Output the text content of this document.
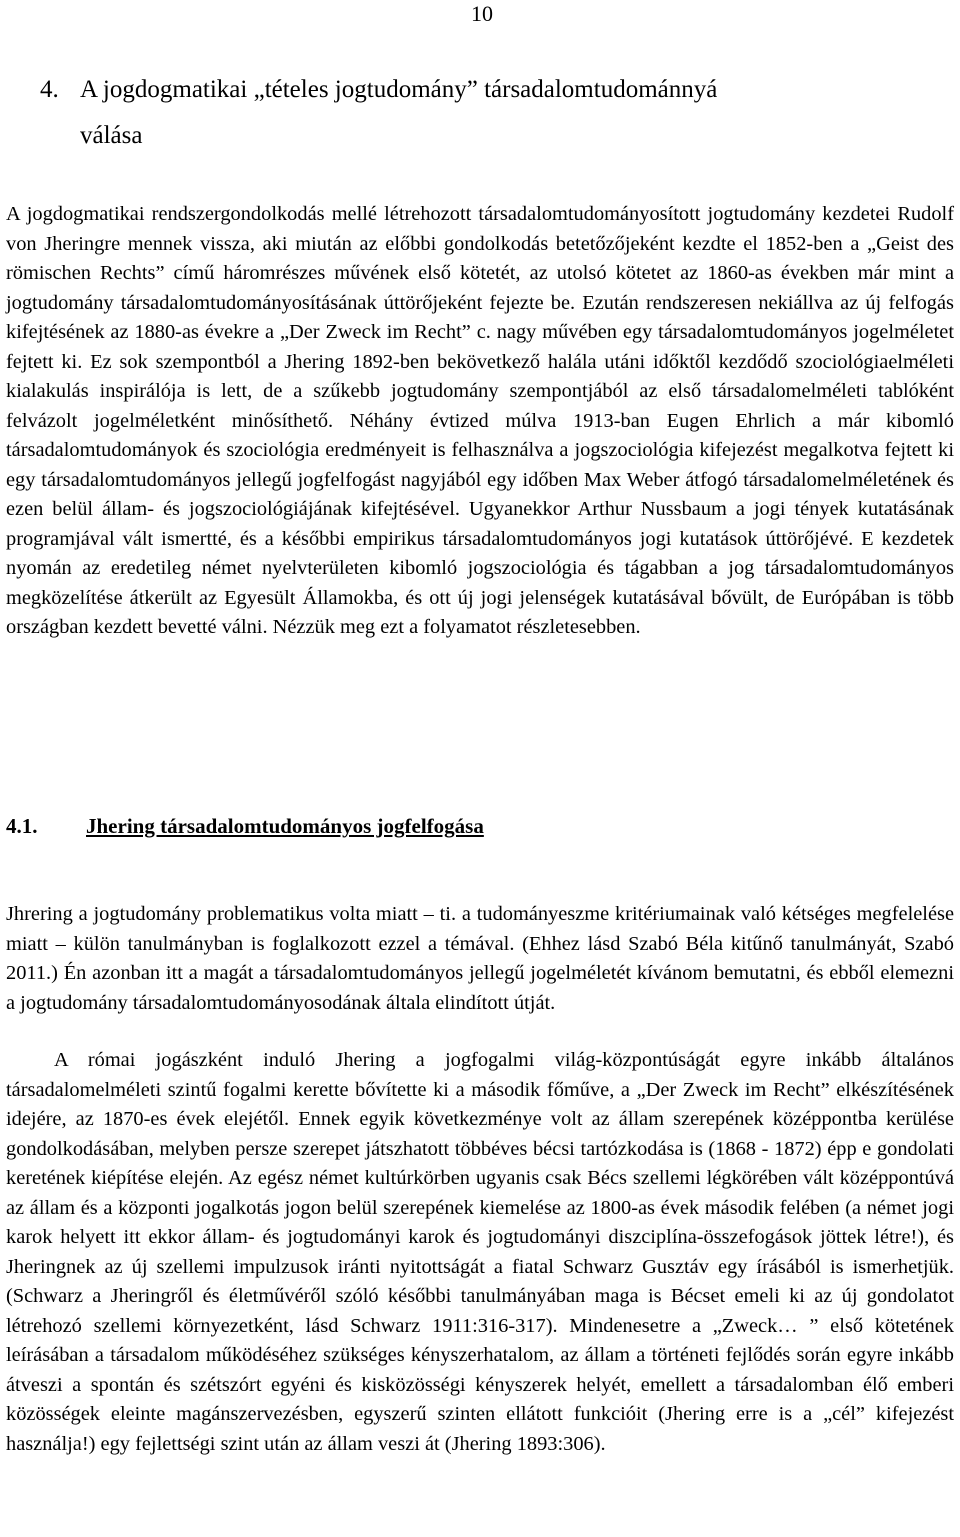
10
4. A jogdogmatikai „tételes jogtudomány” társadalomtudománnyá
válása

A jogdogmatikai rendszergondolkodás mellé létrehozott társadalomtudományosított jogtudomány kezdetei Rudolf von Jheringre mennek vissza, aki miután az előbbi gondolkodás betetőzőjeként kezdte el 1852-ben a „Geist des römischen Rechts” című háromrészes művének első kötetét, az utolsó kötetet az 1860-as években már mint a jogtudomány társadalomtudományosításának úttörőjeként fejezte be. Ezután rendszeresen nekiállva az új felfogás kifejtésének az 1880-as évekre a „Der Zweck im Recht” c. nagy művében egy társadalomtudományos jogelméletet fejtett ki. Ez sok szempontból a Jhering 1892-ben bekövetkező halála utáni időktől kezdődő szociológiaelméleti kialakulás inspirálója is lett, de a szűkebb jogtudomány szempontjából az első társadalomelméleti tablóként felvázolt jogelméletként minősíthető. Néhány évtized múlva 1913-ban Eugen Ehrlich a már kibomló társadalomtudományok és szociológia eredményeit is felhasználva a jogszociológia kifejezést megalkotva fejtett ki egy társadalomtudományos jellegű jogfelfogást nagyjából egy időben Max Weber átfogó társadalomelméletének és ezen belül állam- és jogszociológiájának kifejtésével. Ugyanekkor Arthur Nussbaum a jogi tények kutatásának programjával vált ismertté, és a későbbi empirikus társadalomtudományos jogi kutatások úttörőjévé. E kezdetek nyomán az eredetileg német nyelvterületen kibomló jogszociológia és tágabban a jog társadalomtudományos megközelítése átkerült az Egyesült Államokba, és ott új jogi jelenségek kutatásával bővült, de Európában is több országban kezdett bevetté válni. Nézzük meg ezt a folyamatot részletesebben.

4.1. Jhering társadalomtudományos jogfelfogása

Jhrering a jogtudomány problematikus volta miatt – ti. a tudományeszme kritériumainak való kétséges megfelelése miatt – külön tanulmányban is foglalkozott ezzel a témával. (Ehhez lásd Szabó Béla kitűnő tanulmányát, Szabó 2011.) Én azonban itt a magát a társadalomtudományos jellegű jogelméletét kívánom bemutatni, és ebből elemezni a jogtudomány társadalomtudományosodának általa elindított útját.

A római jogászként induló Jhering a jogfogalmi világ-központúságát egyre inkább általános társadalomelméleti szintű fogalmi kerette bővítette ki a második főműve, a „Der Zweck im Recht” elkészítésének idejére, az 1870-es évek elejétől. Ennek egyik következménye volt az állam szerepének középpontba kerülése gondolkodásában, melyben persze szerepet játszhatott többéves bécsi tartózkodása is (1868 - 1872) épp e gondolati keretének kiépítése elején. Az egész német kultúrkörben ugyanis csak Bécs szellemi légkörében vált középpontúvá az állam és a központi jogalkotás jogon belül szerepének kiemelése az 1800-as évek második felében (a német jogi karok helyett itt ekkor állam- és jogtudományi karok és jogtudományi diszciplína-összefogások jöttek létre!), és Jheringnek az új szellemi impulzusok iránti nyitottságát a fiatal Schwarz Gusztáv egy írásából is ismerhetjük. (Schwarz a Jheringről és életművéről szóló későbbi tanulmányában maga is Bécset emeli ki az új gondolatot létrehozó szellemi környezetként, lásd Schwarz 1911:316-317). Mindenesetre a „Zweck… ” első kötetének leírásában a társadalom működéséhez szükséges kényszerhatalom, az állam a történeti fejlődés során egyre inkább átveszi a spontán és szétszórt egyéni és kisközösségi kényszerek helyét, emellett a társadalomban élő emberi közösségek eleinte magánszervezésben, egyszerű szinten ellátott funkcióit (Jhering erre is a „cél” kifejezést használja!) egy fejlettségi szint után az állam veszi át (Jhering 1893:306).
